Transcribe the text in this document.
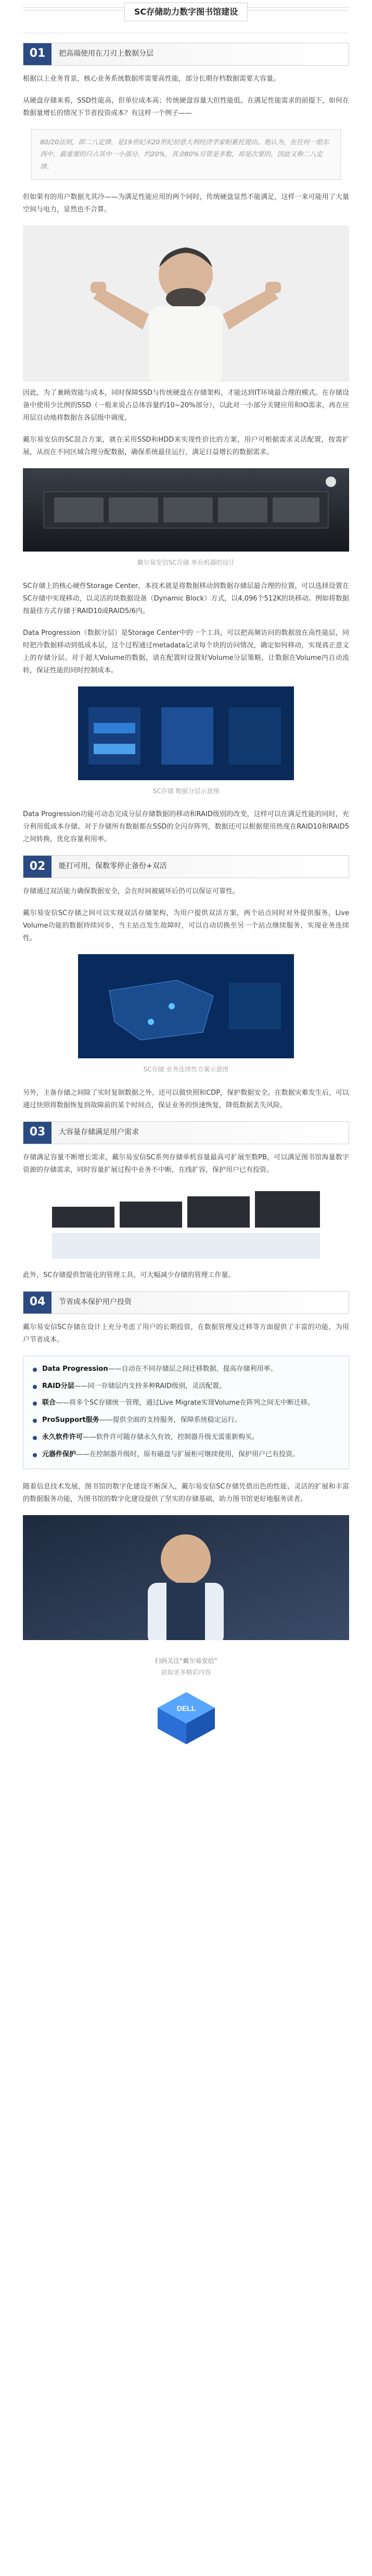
SC存储助力数字图书馆建设
01	把高端使用在刀刃上数据分层

根据以上业务背景，核心业务系统数据库需要高性能，部分长期存档数据需要大容量。

从硬盘存储来看，SSD性能高，但单位成本高；传统硬盘容量大但性能低。在满足性能需求的前提下，如何在数据量增长的情况下节省投资成本？有这样一个例子——

80/20法则，即二八定律，是19世纪末20世纪初意大利经济学家帕累托提出。他认为，在任何一组东西中，最重要的只占其中一小部分，约20%，其余80%尽管是多数，却是次要的，因此又称二八定律。

但如果有的用户数据尤其冷——为满足性能应用的两个同时，传统硬盘显然不能满足，这样一来可能用了大量空间与电力，显然也不合算。

因此，为了兼顾效能与成本，同时保障SSD与传统硬盘在存储架构，才能达到IT环境最合理的模式。在存储设备中使用少比例的SSD（一般来说占总体容量约10~20%部分），以此对一小部分关键应用和IO需求，再在应用层自动地将数据在各层级中调度。

戴尔易安信的SC混合方案，就在采用SSD和HDD来实现性价比的方案，用户可根据需求灵活配置，按需扩展，从而在不同区域合理分配数据，确保系统最佳运行，满足日益增长的数据需求。

戴尔易安信SC存储 单台机器的设计

SC存储上的核心硬件Storage Center，本技术就是将数据移动到数据存储层最合理的位置，可以选择设置在SC存储中实现移动，以灵活的块数据设备（Dynamic Block）方式，以4,096个512K的块移动。例如将数据按最佳方式存储于RAID10或RAID5/6内。

Data Progression（数据分层）是Storage Center中的一个工具，可以把高频访问的数据放在高性能层，同时把冷数据移动到低成本层，这个过程通过metadata记录每个块的访问情况，确定如何移动，实现真正意义上的存储分层。对于超大Volume的数据，请在配置时设置好Volume分层策略，让数据在Volume内自动流转，保证性能的同时控制成本。

SC存储 数据分层示意图

Data Progression功能可动态完成分层存储数据的移动和RAID级别的改变，这样可以在满足性能的同时，充分利用低成本存储。对于存储所有数据都在SSD的全闪存阵列，数据还可以根据使用热度在RAID10和RAID5之间转换，优化容量利用率。

02	能打可用，保数零停止备份+双活

存储通过双活能力确保数据安全，会在时间被破坏后仍可以保证可靠性。

戴尔易安信SC存储之间可以实现双活存储架构，为用户提供双活方案，两个站点同时对外提供服务，Live Volume功能的数据持续同步，当主站点发生故障时，可以自动切换至另一个站点继续服务，实现业务连续性。

SC存储 业务连续性方案示意图

另外，主备存储之间除了实时复制数据之外，还可以做快照和CDP，保护数据安全。在数据灾难发生后，可以通过快照将数据恢复到故障前的某个时间点，保证业务的快速恢复，降低数据丢失风险。

03	大容量存储满足用户需求

存储满足容量不断增长需求，戴尔易安信SC系列存储单机容量最高可扩展至数PB，可以满足图书馆海量数字资源的存储需求，同时容量扩展过程中业务不中断，在线扩容，保护用户已有投资。

此外，SC存储提供智能化的管理工具，可大幅减少存储的管理工作量。

04	节省成本保护用户投资

戴尔易安信SC存储在设计上充分考虑了用户的长期投资，在数据管理及迁移等方面提供了丰富的功能，为用户节省成本。

Data Progression——自动在不同存储层之间迁移数据，提高存储利用率。
RAID分层——同一存储层内支持多种RAID级别，灵活配置。
联合——将多个SC存储统一管理，通过Live Migrate实现Volume在阵列之间无中断迁移。
ProSupport服务——提供全面的支持服务，保障系统稳定运行。
永久软件许可——软件许可随存储永久有效，控制器升级无需重新购买。
元器件保护——在控制器升级时，原有磁盘与扩展柜可继续使用，保护用户已有投资。

随着信息技术发展，图书馆的数字化建设不断深入，戴尔易安信SC存储凭借出色的性能、灵活的扩展和丰富的数据服务功能，为图书馆的数字化建设提供了坚实的存储基础，助力图书馆更好地服务读者。

扫码关注“戴尔易安信”
获取更多精彩内容
DELL
